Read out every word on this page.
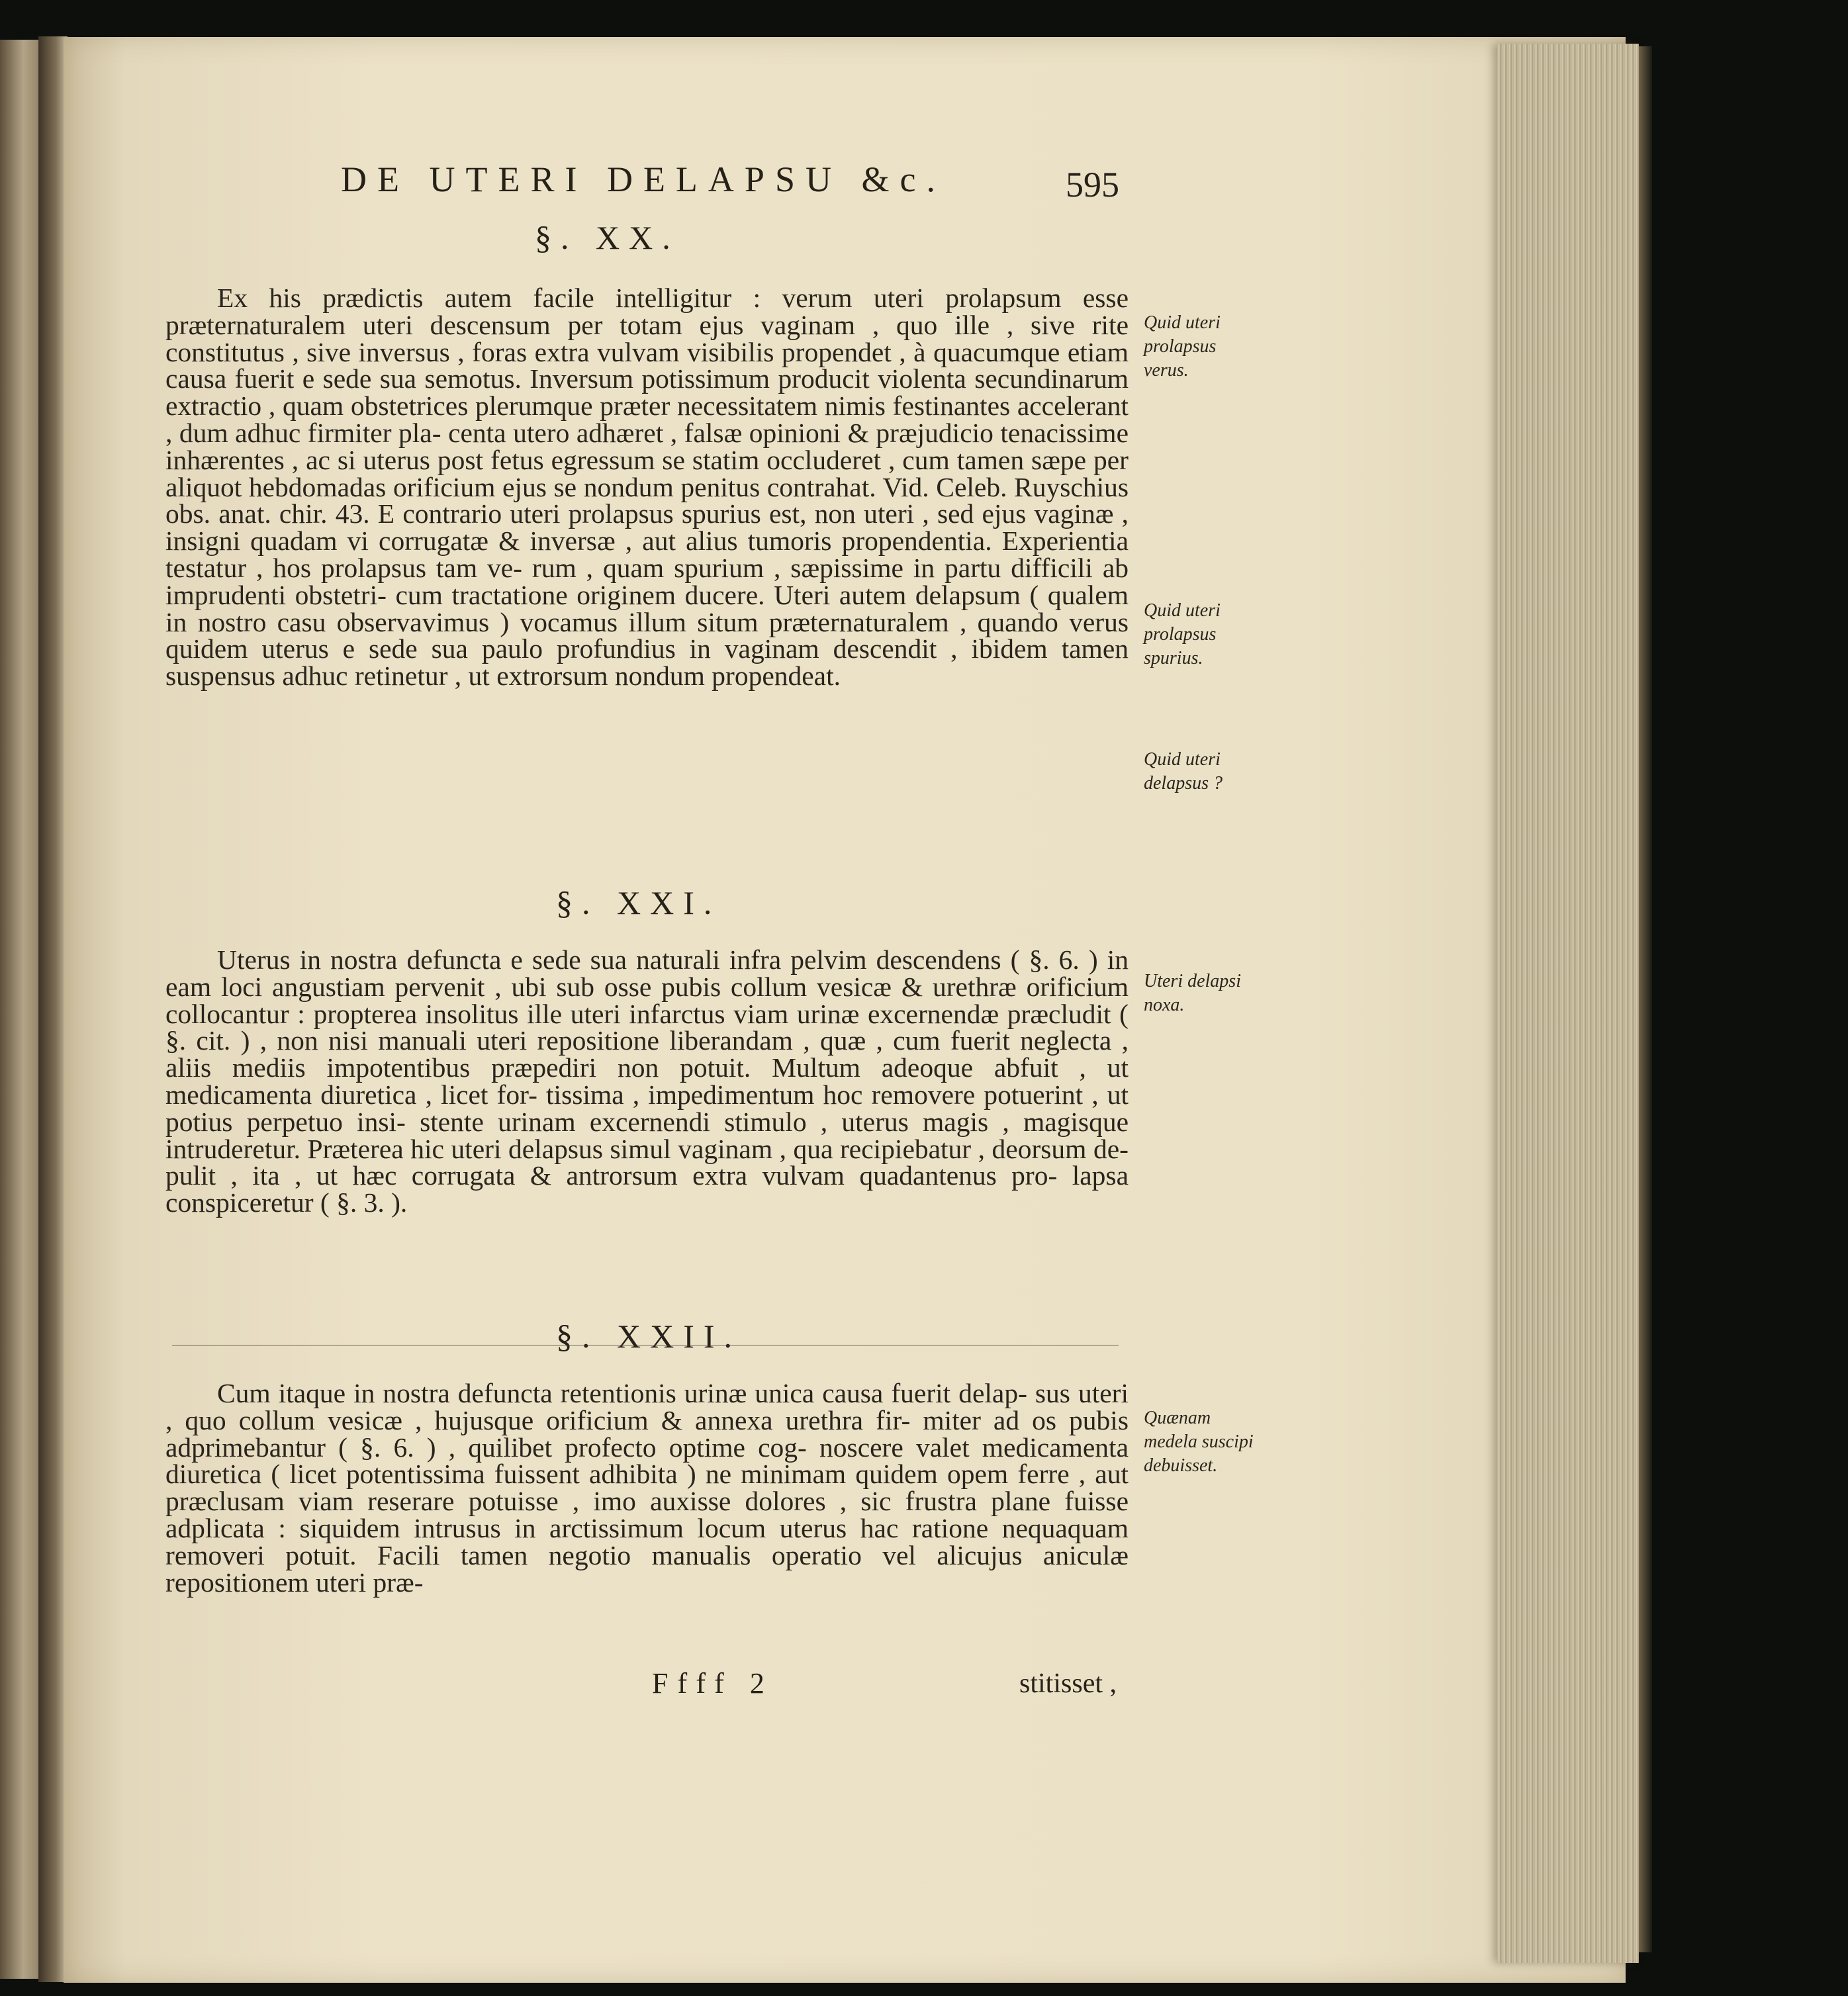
DE UTERI DELAPSU &c.	595
§. XX.

Ex his prædictis autem facile intelligitur : verum uteri prolapsum esse præternaturalem uteri descensum per totam ejus vaginam , quo ille , sive rite constitutus , sive inversus , foras extra vulvam visibilis propendet , à quacumque etiam causa fuerit e sede sua semotus. Inversum potissimum producit violenta secundinarum extractio , quam obstetrices plerumque præter necessitatem nimis festinantes accelerant , dum adhuc firmiter pla- centa utero adhæret , falsæ opinioni & præjudicio tenacissime inhærentes , ac si uterus post fetus egressum se statim occluderet , cum tamen sæpe per aliquot hebdomadas orificium ejus se nondum penitus contrahat. Vid. Celeb. Ruyschius obs. anat. chir. 43. E contrario uteri prolapsus spurius est, non uteri , sed ejus vaginæ , insigni quadam vi corrugatæ & inversæ , aut alius tumoris propendentia. Experientia testatur , hos prolapsus tam ve- rum , quam spurium , sæpissime in partu difficili ab imprudenti obstetri- cum tractatione originem ducere. Uteri autem delapsum ( qualem in nostro casu observavimus ) vocamus illum situm præternaturalem , quando verus quidem uterus e sede sua paulo profundius in vaginam descendit , ibidem tamen suspensus adhuc retinetur , ut extrorsum nondum propendeat.

Quid uteri prolapsus verus.
Quid uteri prolapsus spurius.
Quid uteri delapsus ?
§. XXI.

Uterus in nostra defuncta e sede sua naturali infra pelvim descendens ( §. 6. ) in eam loci angustiam pervenit , ubi sub osse pubis collum vesicæ & urethræ orificium collocantur : propterea insolitus ille uteri infarctus viam urinæ excernendæ præcludit ( §. cit. ) , non nisi manuali uteri repositione liberandam , quæ , cum fuerit neglecta , aliis mediis impotentibus præpediri non potuit. Multum adeoque abfuit , ut medicamenta diuretica , licet for- tissima , impedimentum hoc removere potuerint , ut potius perpetuo insi- stente urinam excernendi stimulo , uterus magis , magisque intruderetur. Præterea hic uteri delapsus simul vaginam , qua recipiebatur , deorsum de- pulit , ita , ut hæc corrugata & antrorsum extra vulvam quadantenus pro- lapsa conspiceretur ( §. 3. ).

Uteri delapsi noxa.
§. XXII.

Cum itaque in nostra defuncta retentionis urinæ unica causa fuerit delap- sus uteri , quo collum vesicæ , hujusque orificium & annexa urethra fir- miter ad os pubis adprimebantur ( §. 6. ) , quilibet profecto optime cog- noscere valet medicamenta diuretica ( licet potentissima fuissent adhibita ) ne minimam quidem opem ferre , aut præclusam viam reserare potuisse , imo auxisse dolores , sic frustra plane fuisse adplicata : siquidem intrusus in arctissimum locum uterus hac ratione nequaquam removeri potuit. Facili tamen negotio manualis operatio vel alicujus aniculæ repositionem uteri præ-

Quænam medela suscipi debuisset.
Ffff 2	stitisset ,
